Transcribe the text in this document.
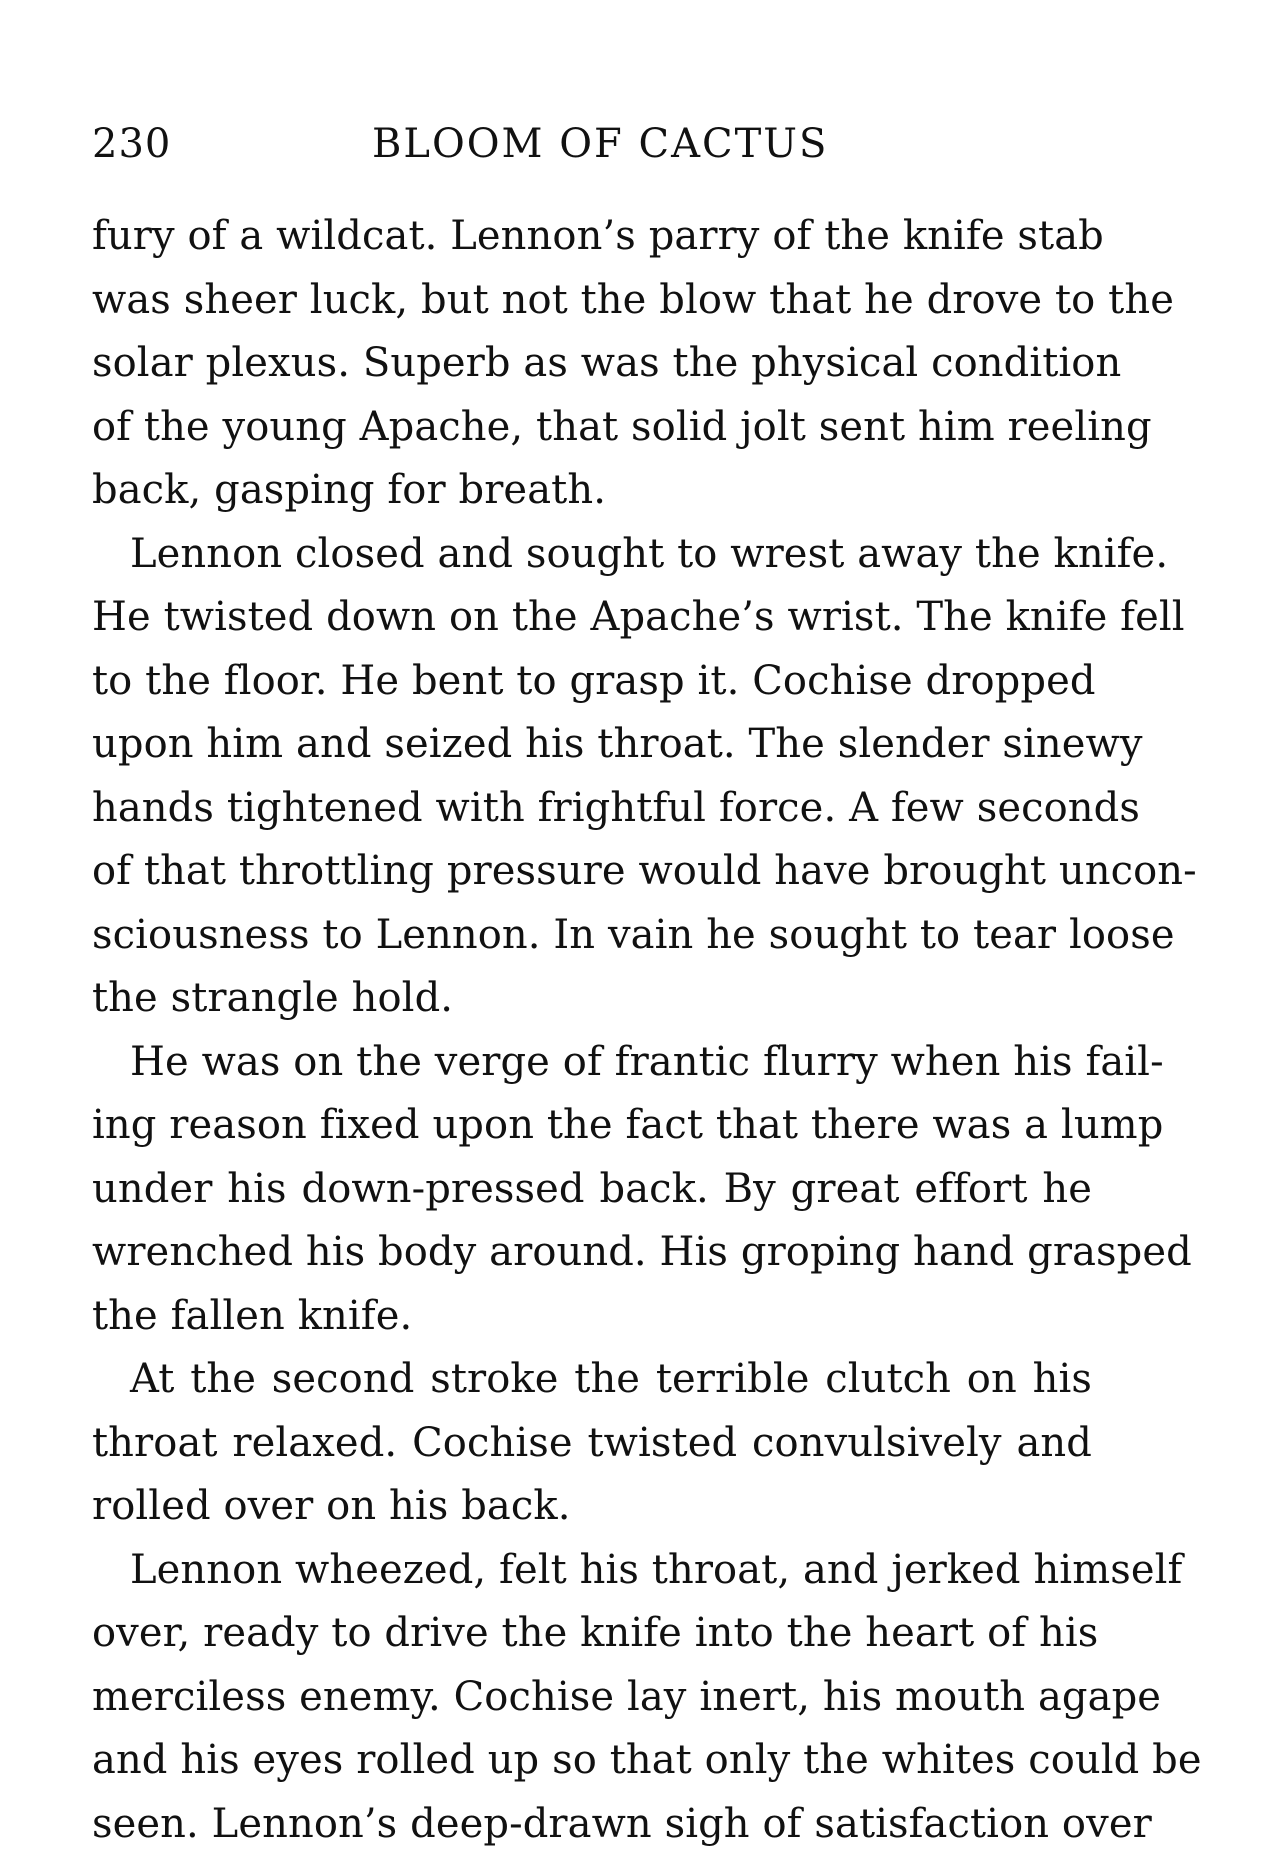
230	BLOOM OF CACTUS
fury of a wildcat. Lennon’s parry of the knife stab
was sheer luck, but not the blow that he drove to the
solar plexus. Superb as was the physical condition
of the young Apache, that solid jolt sent him reeling
back, gasping for breath.
Lennon closed and sought to wrest away the knife.
He twisted down on the Apache’s wrist. The knife fell
to the floor. He bent to grasp it. Cochise dropped
upon him and seized his throat. The slender sinewy
hands tightened with frightful force. A few seconds
of that throttling pressure would have brought uncon-
sciousness to Lennon. In vain he sought to tear loose
the strangle hold.
He was on the verge of frantic flurry when his fail-
ing reason fixed upon the fact that there was a lump
under his down-pressed back. By great effort he
wrenched his body around. His groping hand grasped
the fallen knife.
At the second stroke the terrible clutch on his
throat relaxed. Cochise twisted convulsively and
rolled over on his back.
Lennon wheezed, felt his throat, and jerked himself
over, ready to drive the knife into the heart of his
merciless enemy. Cochise lay inert, his mouth agape
and his eyes rolled up so that only the whites could be
seen. Lennon’s deep-drawn sigh of satisfaction over
